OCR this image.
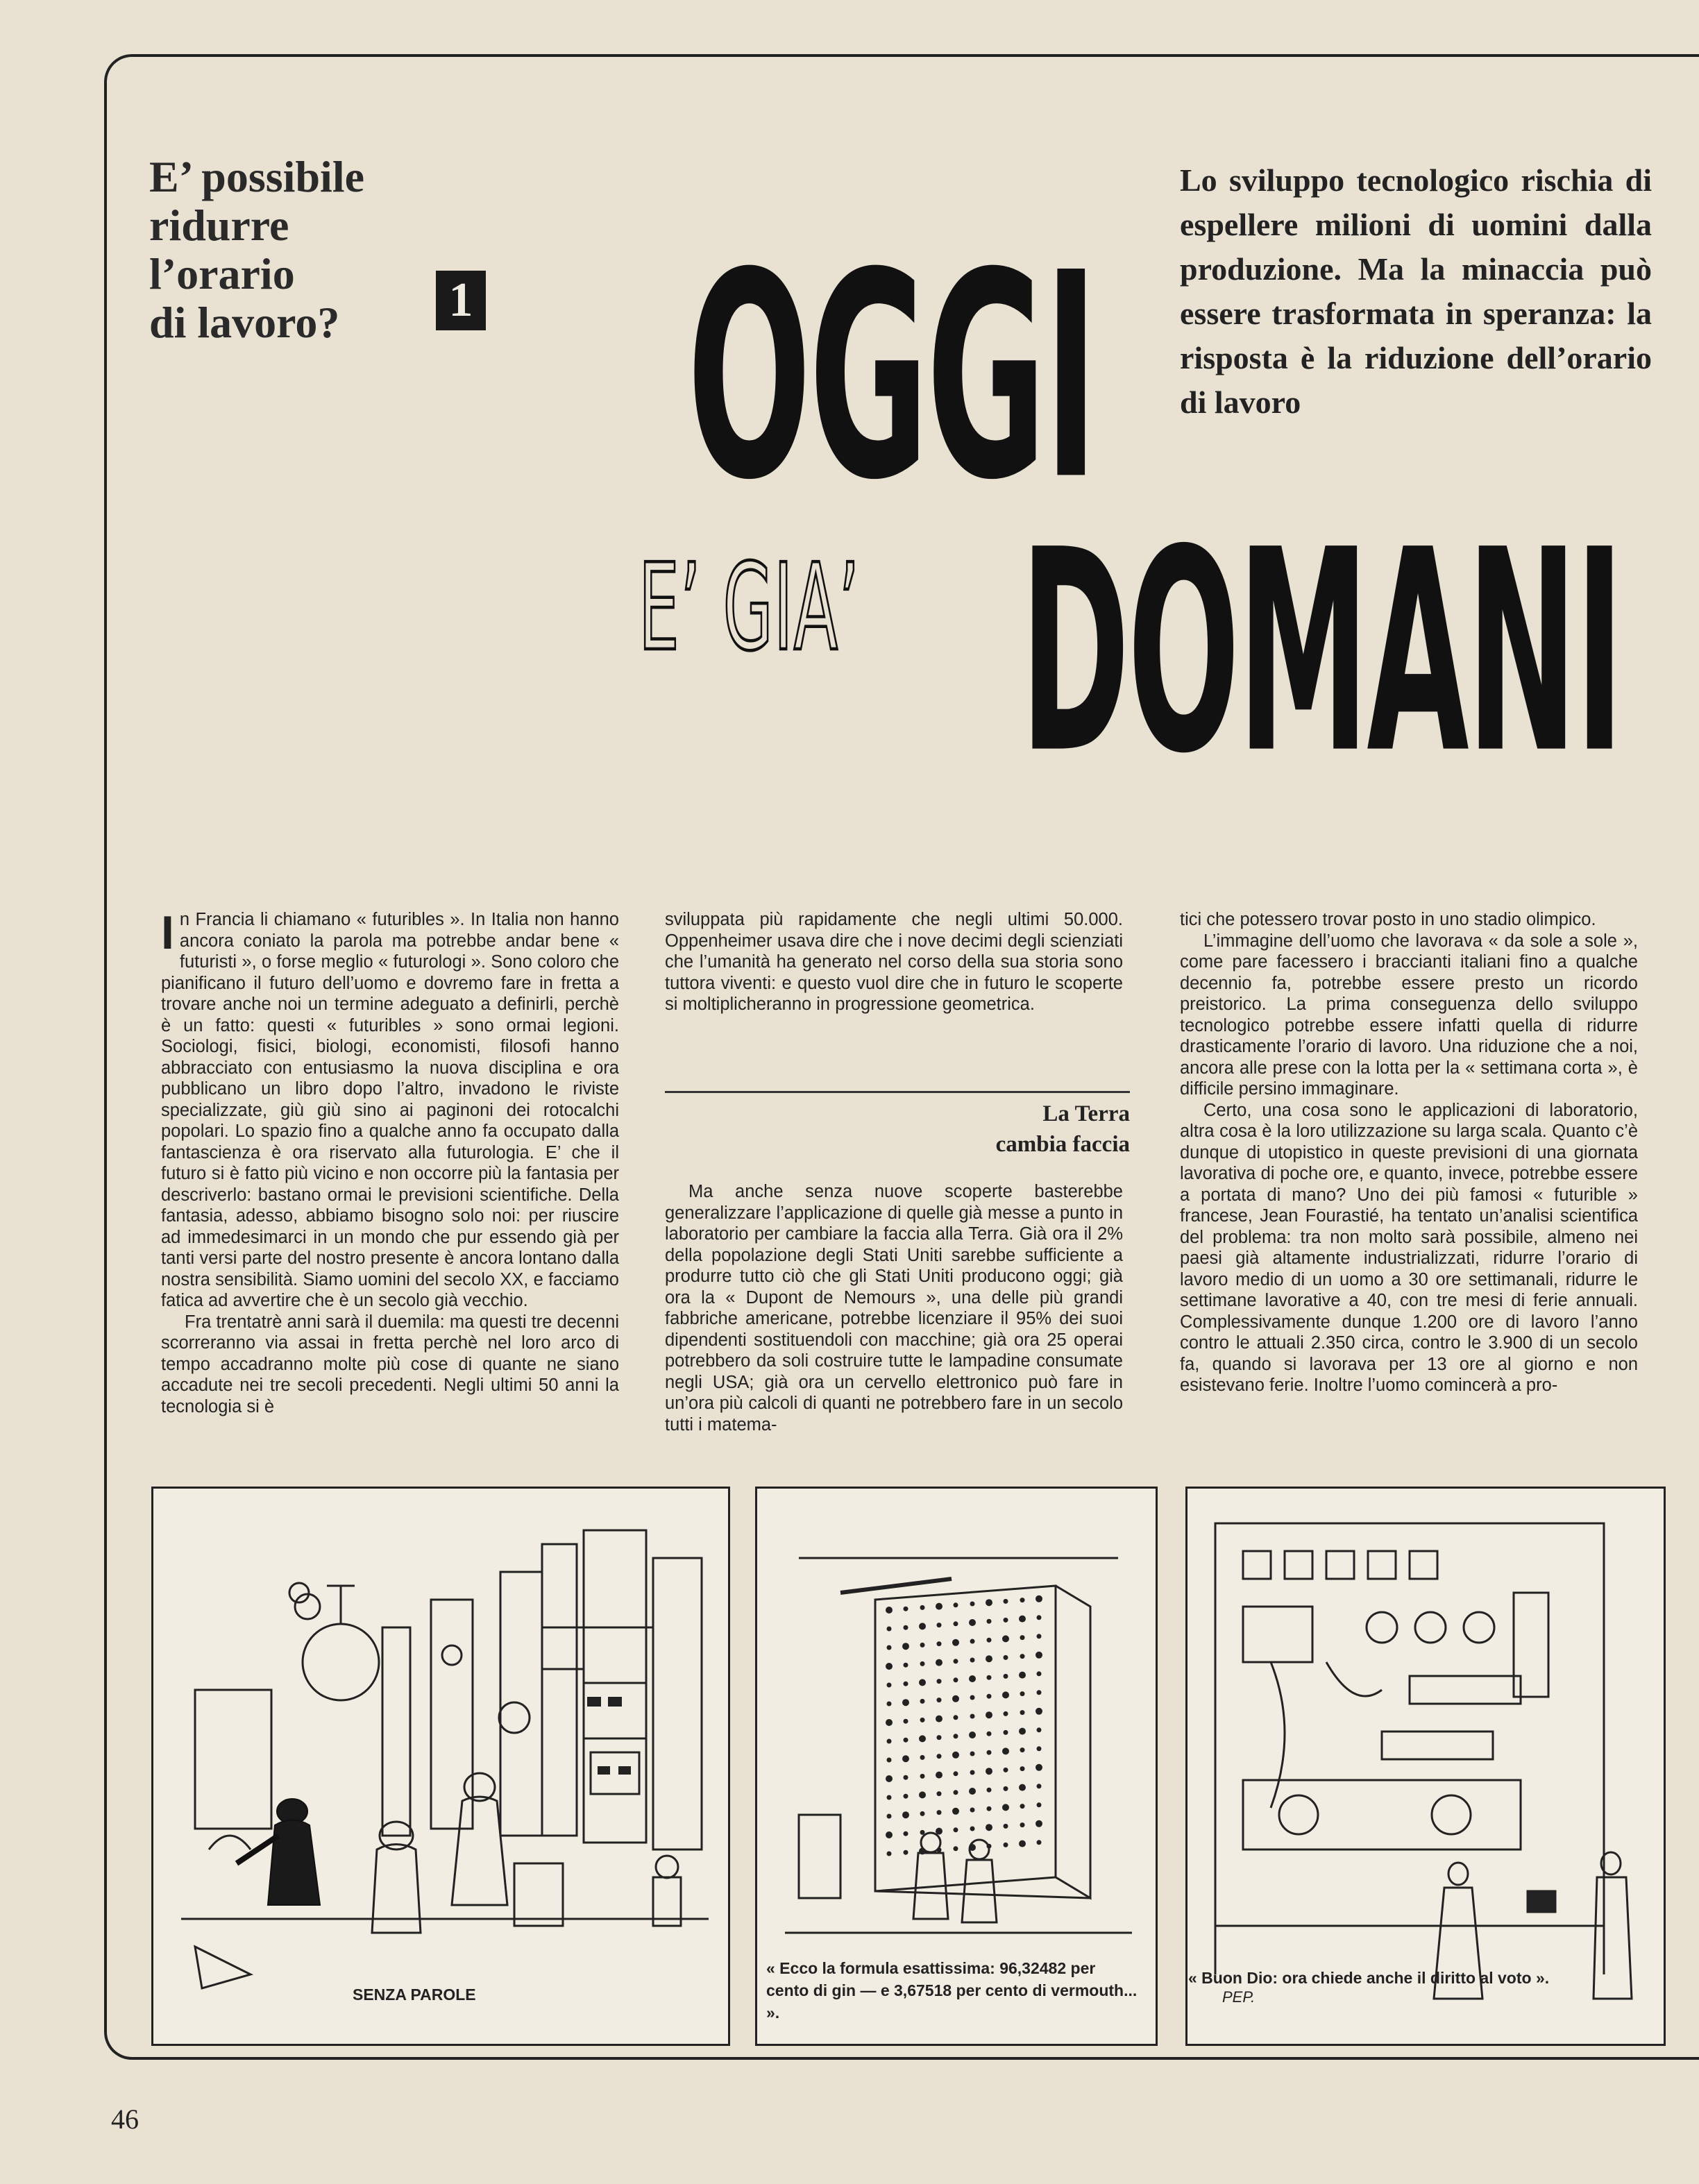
E’ possibile
ridurre
l’orario
di lavoro?	1
Lo sviluppo tecnologico rischia di espellere milioni di uomini dalla produzione. Ma la minaccia può essere trasformata in speranza: la risposta è la riduzione dell’orario di lavoro
OGGI
E’ GIA’ DOMANI

In Francia li chiamano « futuribles ». In Italia non hanno ancora coniato la parola ma potrebbe andar bene « futuristi », o forse meglio « futurologi ». Sono coloro che pianificano il futuro dell’uomo e dovremo fare in fretta a trovare anche noi un termine adeguato a definirli, perchè è un fatto: questi « futuribles » sono ormai legioni. Sociologi, fisici, biologi, economisti, filosofi hanno abbracciato con entusiasmo la nuova disciplina e ora pubblicano un libro dopo l’altro, invadono le riviste specializzate, giù giù sino ai paginoni dei rotocalchi popolari. Lo spazio fino a qualche anno fa occupato dalla fantascienza è ora riservato alla futurologia. E’ che il futuro si è fatto più vicino e non occorre più la fantasia per descriverlo: bastano ormai le previsioni scientifiche. Della fantasia, adesso, abbiamo bisogno solo noi: per riuscire ad immedesimarci in un mondo che pur essendo già per tanti versi parte del nostro presente è ancora lontano dalla nostra sensibilità. Siamo uomini del secolo XX, e facciamo fatica ad avvertire che è un secolo già vecchio.

Fra trentatrè anni sarà il duemila: ma questi tre decenni scorreranno via assai in fretta perchè nel loro arco di tempo accadranno molte più cose di quante ne siano accadute nei tre secoli precedenti. Negli ultimi 50 anni la tecnologia si è

sviluppata più rapidamente che negli ultimi 50.000. Oppenheimer usava dire che i nove decimi degli scienziati che l’umanità ha generato nel corso della sua storia sono tuttora viventi: e questo vuol dire che in futuro le scoperte si moltiplicheranno in progressione geometrica.

La Terra
cambia faccia

Ma anche senza nuove scoperte basterebbe generalizzare l’applicazione di quelle già messe a punto in laboratorio per cambiare la faccia alla Terra. Già ora il 2% della popolazione degli Stati Uniti sarebbe sufficiente a produrre tutto ciò che gli Stati Uniti producono oggi; già ora la « Dupont de Nemours », una delle più grandi fabbriche americane, potrebbe licenziare il 95% dei suoi dipendenti sostituendoli con macchine; già ora 25 operai potrebbero da soli costruire tutte le lampadine consumate negli USA; già ora un cervello elettronico può fare in un’ora più calcoli di quanti ne potrebbero fare in un secolo tutti i matema-

tici che potessero trovar posto in uno stadio olimpico.

L’immagine dell’uomo che lavorava « da sole a sole », come pare facessero i braccianti italiani fino a qualche decennio fa, potrebbe essere presto un ricordo preistorico. La prima conseguenza dello sviluppo tecnologico potrebbe essere infatti quella di ridurre drasticamente l’orario di lavoro. Una riduzione che a noi, ancora alle prese con la lotta per la « settimana corta », è difficile persino immaginare.

Certo, una cosa sono le applicazioni di laboratorio, altra cosa è la loro utilizzazione su larga scala. Quanto c’è dunque di utopistico in queste previsioni di una giornata lavorativa di poche ore, e quanto, invece, potrebbe essere a portata di mano? Uno dei più famosi « futurible » francese, Jean Fourastié, ha tentato un’analisi scientifica del problema: tra non molto sarà possibile, almeno nei paesi già altamente industrializzati, ridurre l’orario di lavoro medio di un uomo a 30 ore settimanali, ridurre le settimane lavorative a 40, con tre mesi di ferie annuali. Complessivamente dunque 1.200 ore di lavoro l’anno contro le attuali 2.350 circa, contro le 3.900 di un secolo fa, quando si lavorava per 13 ore al giorno e non esistevano ferie. Inoltre l’uomo comincerà a pro-

SENZA PAROLE
« Ecco la formula esattissima: 96,32482 per cento di gin — e 3,67518 per cento di vermouth... ».
PEP.
« Buon Dio: ora chiede anche il diritto al voto ».
46
